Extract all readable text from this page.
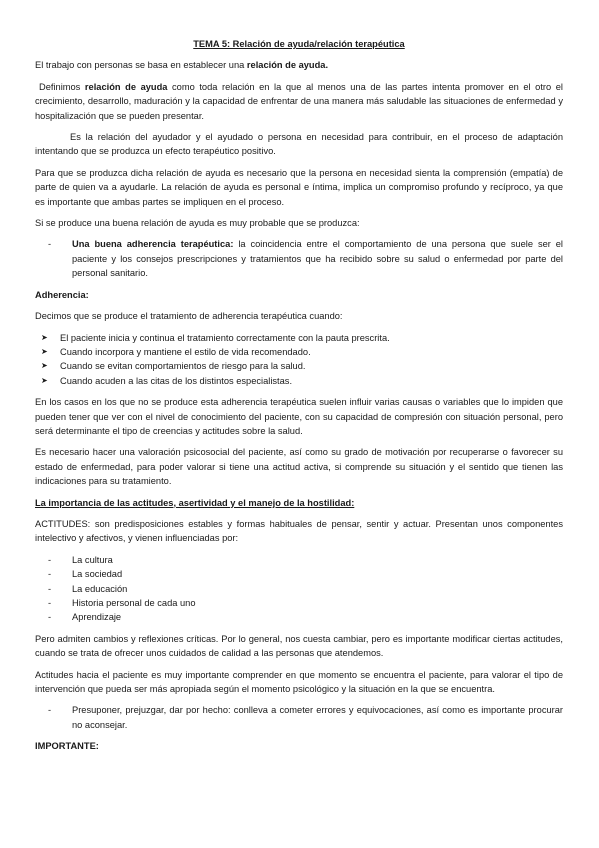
TEMA 5: Relación de ayuda/relación terapéutica

El trabajo con personas se basa en establecer una relación de ayuda.

Definimos relación de ayuda como toda relación en la que al menos una de las partes intenta promover en el otro el crecimiento, desarrollo, maduración y la capacidad de enfrentar de una manera más saludable las situaciones de enfermedad y hospitalización que se pueden presentar.

Es la relación del ayudador y el ayudado o persona en necesidad para contribuir, en el proceso de adaptación intentando que se produzca un efecto terapéutico positivo.

Para que se produzca dicha relación de ayuda es necesario que la persona en necesidad sienta la comprensión (empatía) de parte de quien va a ayudarle. La relación de ayuda es personal e íntima, implica un compromiso profundo y recíproco, ya que es importante que ambas partes se impliquen en el proceso.

Si se produce una buena relación de ayuda es muy probable que se produzca:

- Una buena adherencia terapéutica: la coincidencia entre el comportamiento de una persona que suele ser el paciente y los consejos prescripciones y tratamientos que ha recibido sobre su salud o enfermedad por parte del personal sanitario.
Adherencia:

Decimos que se produce el tratamiento de adherencia terapéutica cuando:

➤ El paciente inicia y continua el tratamiento correctamente con la pauta prescrita.
➤ Cuando incorpora y mantiene el estilo de vida recomendado.
➤ Cuando se evitan comportamientos de riesgo para la salud.
➤ Cuando acuden a las citas de los distintos especialistas.

En los casos en los que no se produce esta adherencia terapéutica suelen influir varias causas o variables que lo impiden que pueden tener que ver con el nivel de conocimiento del paciente, con su capacidad de compresión con situación personal, pero será determinante el tipo de creencias y actitudes sobre la salud.

Es necesario hacer una valoración psicosocial del paciente, así como su grado de motivación por recuperarse o favorecer su estado de enfermedad, para poder valorar si tiene una actitud activa, si comprende su situación y el sentido que tienen las indicaciones para su tratamiento.

La importancia de las actitudes, asertividad y el manejo de la hostilidad:

ACTITUDES: son predisposiciones estables y formas habituales de pensar, sentir y actuar. Presentan unos componentes intelectivo y afectivos, y vienen influenciadas por:

- La cultura
- La sociedad
- La educación
- Historia personal de cada uno
- Aprendizaje

Pero admiten cambios y reflexiones críticas. Por lo general, nos cuesta cambiar, pero es importante modificar ciertas actitudes, cuando se trata de ofrecer unos cuidados de calidad a las personas que atendemos.

Actitudes hacia el paciente es muy importante comprender en que momento se encuentra el paciente, para valorar el tipo de intervención que pueda ser más apropiada según el momento psicológico y la situación en la que se encuentra.

- Presuponer, prejuzgar, dar por hecho: conlleva a cometer errores y equivocaciones, así como es importante procurar no aconsejar.
IMPORTANTE:
